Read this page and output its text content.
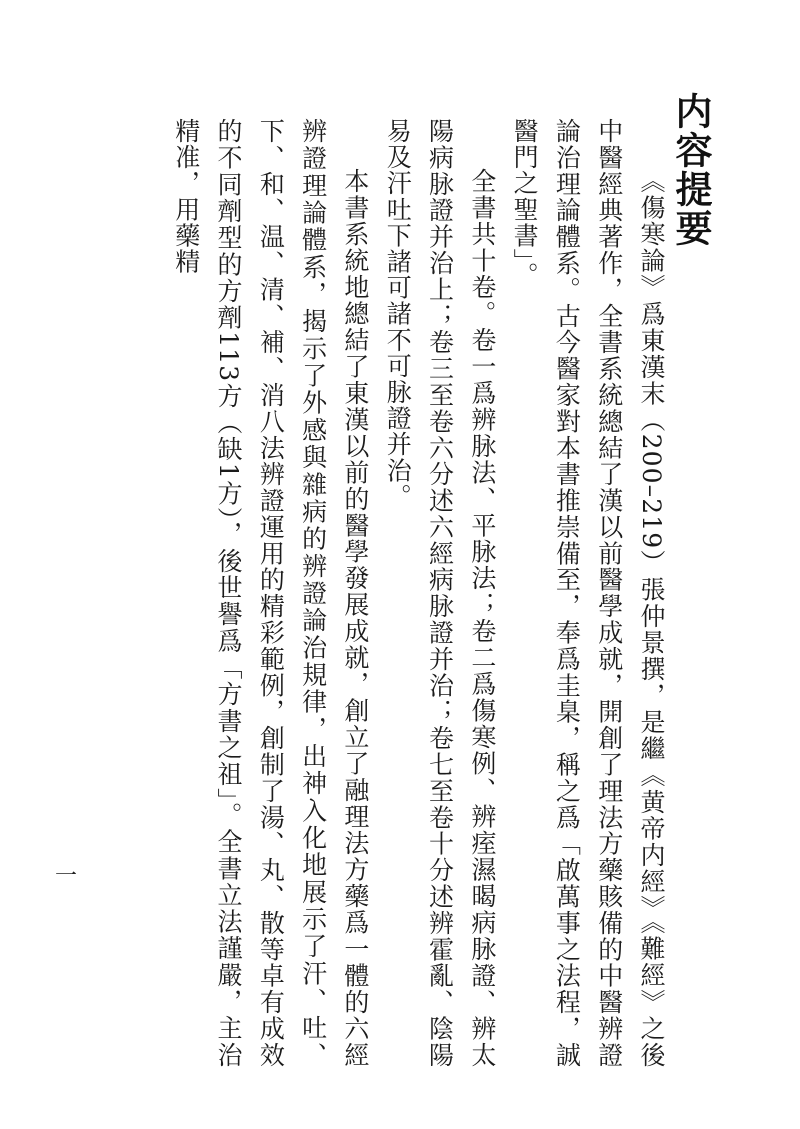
内容提要

《傷寒論》爲東漢末（200–219）張仲景撰，是繼《黄帝内經》《難經》之後中醫經典著作，全書系統總結了漢以前醫學成就，開創了理法方藥賅備的中醫辨證論治理論體系。古今醫家對本書推崇備至，奉爲圭臬，稱之爲「啟萬事之法程，誠醫門之聖書」。

全書共十卷。卷一爲辨脉法、平脉法；卷二爲傷寒例、辨痓濕暍病脉證、辨太陽病脉證并治上；卷三至卷六分述六經病脉證并治；卷七至卷十分述辨霍亂、陰陽易及汗吐下諸可諸不可脉證并治。

本書系統地總結了東漢以前的醫學發展成就，創立了融理法方藥爲一體的六經辨證理論體系，揭示了外感與雜病的辨證論治規律，出神入化地展示了汗、吐、下、和、温、清、補、消八法辨證運用的精彩範例，創制了湯、丸、散等卓有成效的不同劑型的方劑113方（缺1方），後世譽爲「方書之祖」。全書立法謹嚴，主治精准，用藥精

一
